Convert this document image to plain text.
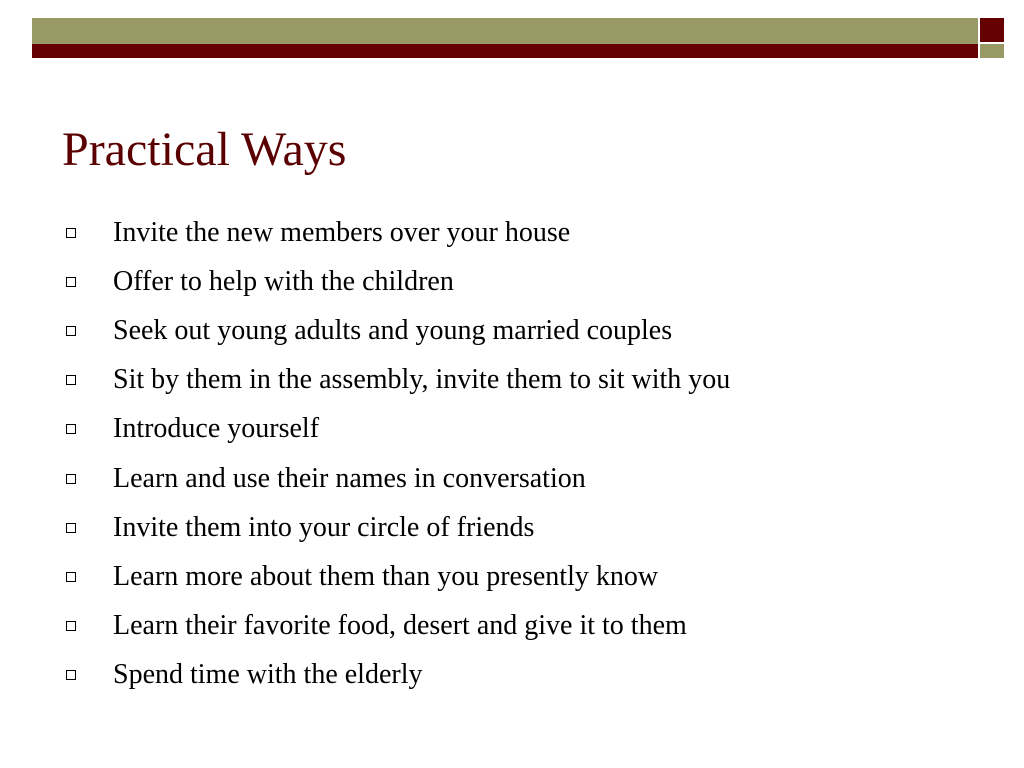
Practical Ways
Invite the new members over your house
Offer to help with the children
Seek out young adults and young married couples
Sit by them in the assembly, invite them to sit with you
Introduce yourself
Learn and use their names in conversation
Invite them into your circle of friends
Learn more about them than you presently know
Learn their favorite food, desert and give it to them
Spend time with the elderly
